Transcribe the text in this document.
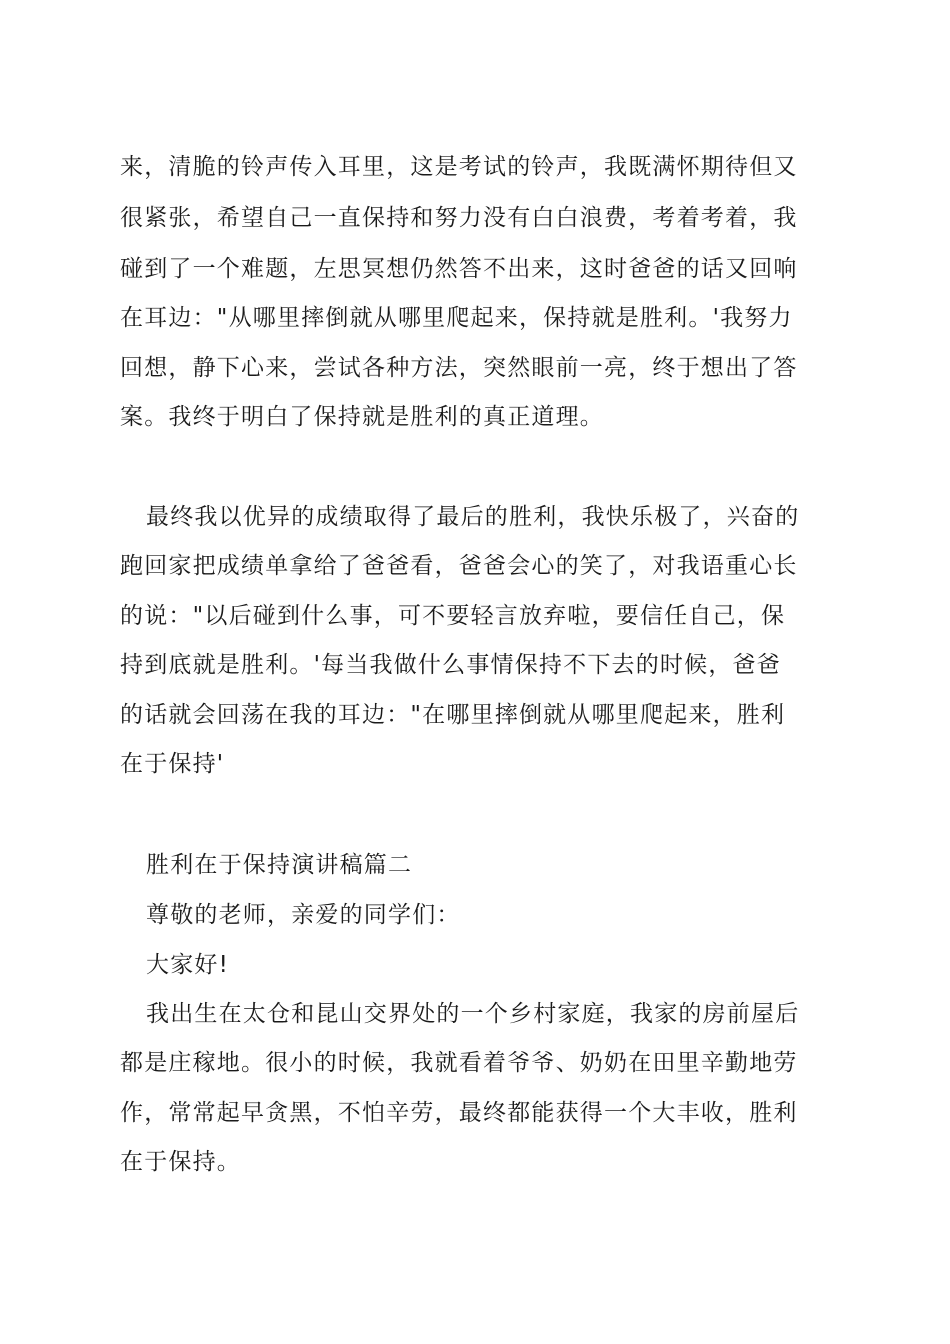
来，清脆的铃声传入耳里，这是考试的铃声，我既满怀期待但又
很紧张，希望自己一直保持和努力没有白白浪费，考着考着，我
碰到了一个难题，左思冥想仍然答不出来，这时爸爸的话又回响
在耳边："从哪里摔倒就从哪里爬起来，保持就是胜利。'我努力
回想，静下心来，尝试各种方法，突然眼前一亮，终于想出了答
案。我终于明白了保持就是胜利的真正道理。
最终我以优异的成绩取得了最后的胜利，我快乐极了，兴奋的
跑回家把成绩单拿给了爸爸看，爸爸会心的笑了，对我语重心长
的说："以后碰到什么事，可不要轻言放弃啦，要信任自己，保
持到底就是胜利。'每当我做什么事情保持不下去的时候，爸爸
的话就会回荡在我的耳边："在哪里摔倒就从哪里爬起来，胜利
在于保持'
胜利在于保持演讲稿篇二
尊敬的老师，亲爱的同学们：
大家好!
我出生在太仓和昆山交界处的一个乡村家庭，我家的房前屋后
都是庄稼地。很小的时候，我就看着爷爷、奶奶在田里辛勤地劳
作，常常起早贪黑，不怕辛劳，最终都能获得一个大丰收，胜利
在于保持。
